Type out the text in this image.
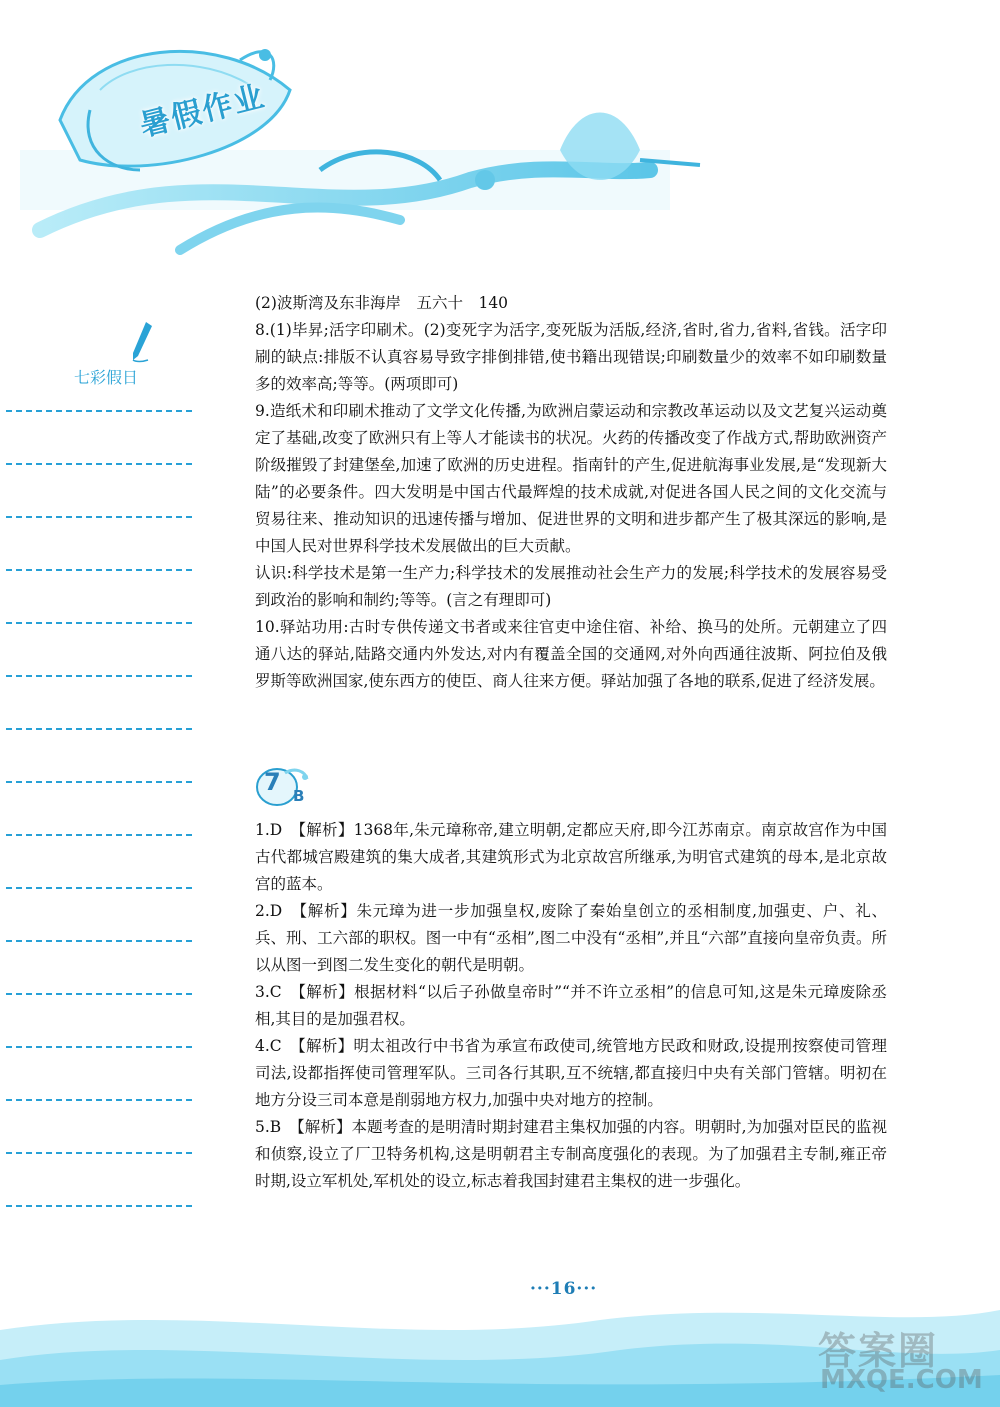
暑假作业
七彩假日

(2)波斯湾及东非海岸　五六十　140

8.(1)毕昇;活字印刷术。(2)变死字为活字,变死版为活版,经济,省时,省力,省料,省钱。活字印刷的缺点:排版不认真容易导致字排倒排错,使书籍出现错误;印刷数量少的效率不如印刷数量多的效率高;等等。(两项即可)

9.造纸术和印刷术推动了文学文化传播,为欧洲启蒙运动和宗教改革运动以及文艺复兴运动奠定了基础,改变了欧洲只有上等人才能读书的状况。火药的传播改变了作战方式,帮助欧洲资产阶级摧毁了封建堡垒,加速了欧洲的历史进程。指南针的产生,促进航海事业发展,是“发现新大陆”的必要条件。四大发明是中国古代最辉煌的技术成就,对促进各国人民之间的文化交流与贸易往来、推动知识的迅速传播与增加、促进世界的文明和进步都产生了极其深远的影响,是中国人民对世界科学技术发展做出的巨大贡献。

认识:科学技术是第一生产力;科学技术的发展推动社会生产力的发展;科学技术的发展容易受到政治的影响和制约;等等。(言之有理即可)

10.驿站功用:古时专供传递文书者或来往官吏中途住宿、补给、换马的处所。元朝建立了四通八达的驿站,陆路交通内外发达,对内有覆盖全国的交通网,对外向西通往波斯、阿拉伯及俄罗斯等欧洲国家,使东西方的使臣、商人往来方便。驿站加强了各地的联系,促进了经济发展。

7 B

1.D　【解析】1368年,朱元璋称帝,建立明朝,定都应天府,即今江苏南京。南京故宫作为中国古代都城宫殿建筑的集大成者,其建筑形式为北京故宫所继承,为明官式建筑的母本,是北京故宫的蓝本。

2.D　【解析】朱元璋为进一步加强皇权,废除了秦始皇创立的丞相制度,加强吏、户、礼、兵、刑、工六部的职权。图一中有“丞相”,图二中没有“丞相”,并且“六部”直接向皇帝负责。所以从图一到图二发生变化的朝代是明朝。

3.C　【解析】根据材料“以后子孙做皇帝时”“并不许立丞相”的信息可知,这是朱元璋废除丞相,其目的是加强君权。

4.C　【解析】明太祖改行中书省为承宣布政使司,统管地方民政和财政,设提刑按察使司管理司法,设都指挥使司管理军队。三司各行其职,互不统辖,都直接归中央有关部门管辖。明初在地方分设三司本意是削弱地方权力,加强中央对地方的控制。

5.B　【解析】本题考查的是明清时期封建君主集权加强的内容。明朝时,为加强对臣民的监视和侦察,设立了厂卫特务机构,这是明朝君主专制高度强化的表现。为了加强君主专制,雍正帝时期,设立军机处,军机处的设立,标志着我国封建君主集权的进一步强化。

···16···
答案圈
MXQE.COM
